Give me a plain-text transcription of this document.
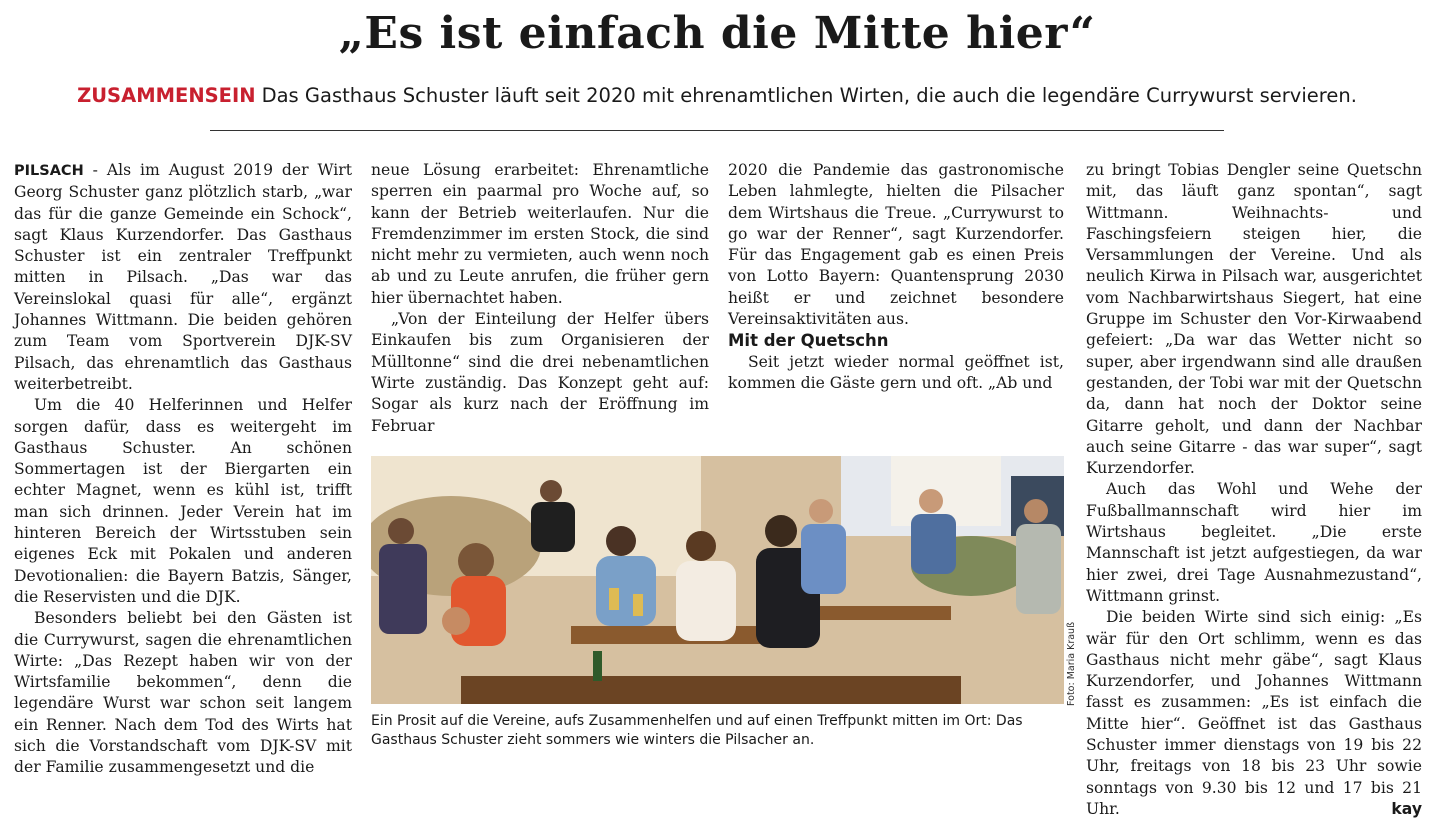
„Es ist einfach die Mitte hier“
ZUSAMMENSEIN Das Gasthaus Schuster läuft seit 2020 mit ehrenamtlichen Wirten, die auch die legendäre Currywurst servieren.

PILSACH - Als im August 2019 der Wirt Georg Schuster ganz plötzlich starb, „war das für die ganze Gemeinde ein Schock“, sagt Klaus Kurzendorfer. Das Gasthaus Schuster ist ein zentraler Treffpunkt mitten in Pilsach. „Das war das Vereinslokal quasi für alle“, ergänzt Johannes Wittmann. Die beiden gehören zum Team vom Sportverein DJK-SV Pilsach, das ehrenamtlich das Gasthaus weiterbetreibt.

Um die 40 Helferinnen und Helfer sorgen dafür, dass es weitergeht im Gasthaus Schuster. An schönen Sommertagen ist der Biergarten ein echter Magnet, wenn es kühl ist, trifft man sich drinnen. Jeder Verein hat im hinteren Bereich der Wirtsstuben sein eigenes Eck mit Pokalen und anderen Devotionalien: die Bayern Batzis, Sänger, die Reservisten und die DJK.

Besonders beliebt bei den Gästen ist die Currywurst, sagen die ehrenamtlichen Wirte: „Das Rezept haben wir von der Wirtsfamilie bekommen“, denn die legendäre Wurst war schon seit langem ein Renner. Nach dem Tod des Wirts hat sich die Vorstandschaft vom DJK-SV mit der Familie zusammengesetzt und die

neue Lösung erarbeitet: Ehrenamtliche sperren ein paarmal pro Woche auf, so kann der Betrieb weiterlaufen. Nur die Fremdenzimmer im ersten Stock, die sind nicht mehr zu vermieten, auch wenn noch ab und zu Leute anrufen, die früher gern hier übernachtet haben.

„Von der Einteilung der Helfer übers Einkaufen bis zum Organisieren der Mülltonne“ sind die drei nebenamtlichen Wirte zuständig. Das Konzept geht auf: Sogar als kurz nach der Eröffnung im Februar

2020 die Pandemie das gastronomische Leben lahmlegte, hielten die Pilsacher dem Wirtshaus die Treue. „Currywurst to go war der Renner“, sagt Kurzendorfer. Für das Engagement gab es einen Preis von Lotto Bayern: Quantensprung 2030 heißt er und zeichnet besondere Vereinsaktivitäten aus.

Mit der Quetschn

Seit jetzt wieder normal geöffnet ist, kommen die Gäste gern und oft. „Ab und

zu bringt Tobias Dengler seine Quetschn mit, das läuft ganz spontan“, sagt Wittmann. Weihnachts- und Faschingsfeiern steigen hier, die Versammlungen der Vereine. Und als neulich Kirwa in Pilsach war, ausgerichtet vom Nachbarwirtshaus Siegert, hat eine Gruppe im Schuster den Vor-Kirwaabend gefeiert: „Da war das Wetter nicht so super, aber irgendwann sind alle draußen gestanden, der Tobi war mit der Quetschn da, dann hat noch der Doktor seine Gitarre geholt, und dann der Nachbar auch seine Gitarre - das war super“, sagt Kurzendorfer.

Auch das Wohl und Wehe der Fußballmannschaft wird hier im Wirtshaus begleitet. „Die erste Mannschaft ist jetzt aufgestiegen, da war hier zwei, drei Tage Ausnahmezustand“, Wittmann grinst.

Die beiden Wirte sind sich einig: „Es wär für den Ort schlimm, wenn es das Gasthaus nicht mehr gäbe“, sagt Klaus Kurzendorfer, und Johannes Wittmann fasst es zusammen: „Es ist einfach die Mitte hier“. Geöffnet ist das Gasthaus Schuster immer dienstags von 19 bis 22 Uhr, freitags von 18 bis 23 Uhr sowie sonntags von 9.30 bis 12 und 17 bis 21 Uhr.	kay

Foto: Maria Krauß
Ein Prosit auf die Vereine, aufs Zusammenhelfen und auf einen Treffpunkt mitten im Ort: Das Gasthaus Schuster zieht sommers wie winters die Pilsacher an.
